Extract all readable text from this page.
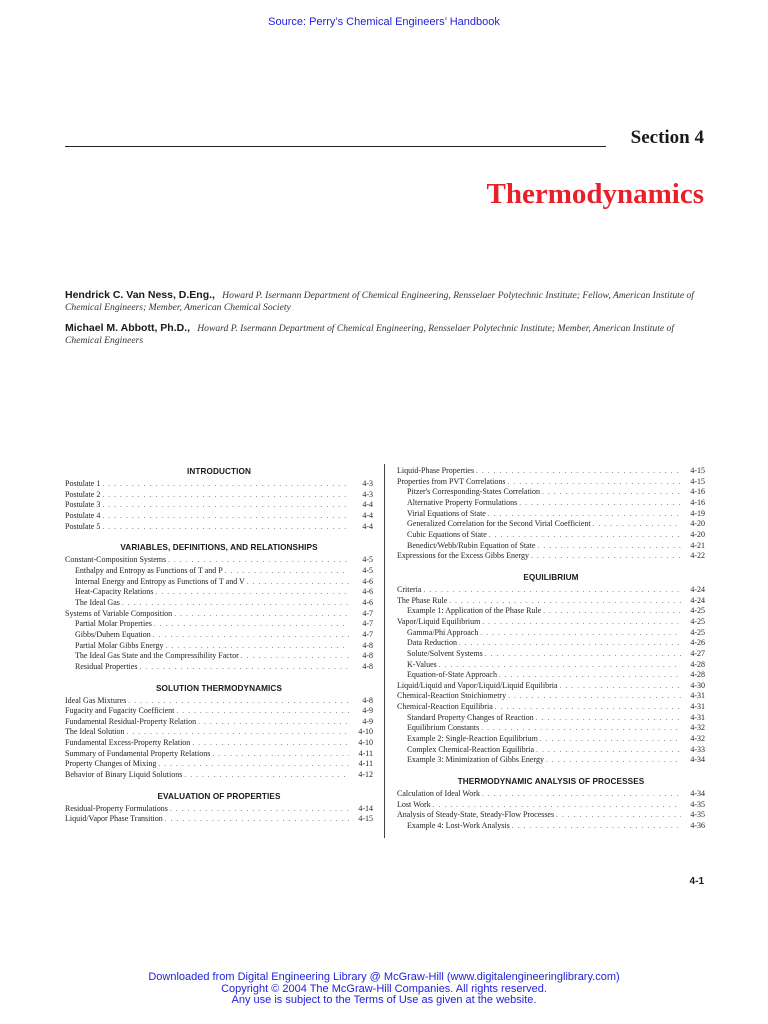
Source: Perry’s Chemical Engineers’ Handbook
Section 4
Thermodynamics
Hendrick C. Van Ness, D.Eng., Howard P. Isermann Department of Chemical Engineering, Rensselaer Polytechnic Institute; Fellow, American Institute of Chemical Engineers; Member, American Chemical Society
Michael M. Abbott, Ph.D., Howard P. Isermann Department of Chemical Engineering, Rensselaer Polytechnic Institute; Member, American Institute of Chemical Engineers
INTRODUCTION
Postulate 1 . . .	4-3
Postulate 2 . . .	4-3
Postulate 3 . . .	4-4
Postulate 4 . . .	4-4
Postulate 5 . . .	4-4
VARIABLES, DEFINITIONS, AND RELATIONSHIPS
Constant-Composition Systems . . .	4-5
Enthalpy and Entropy as Functions of T and P . . .	4-5
Internal Energy and Entropy as Functions of T and V . . .	4-6
Heat-Capacity Relations . . .	4-6
The Ideal Gas . . .	4-6
Systems of Variable Composition . . .	4-7
Partial Molar Properties . . .	4-7
Gibbs/Duhem Equation . . .	4-7
Partial Molar Gibbs Energy . . .	4-8
The Ideal Gas State and the Compressibility Factor . . .	4-8
Residual Properties . . .	4-8
SOLUTION THERMODYNAMICS
Ideal Gas Mixtures . . .	4-8
Fugacity and Fugacity Coefficient . . .	4-9
Fundamental Residual-Property Relation . . .	4-9
The Ideal Solution . . .	4-10
Fundamental Excess-Property Relation . . .	4-10
Summary of Fundamental Property Relations . . .	4-11
Property Changes of Mixing . . .	4-11
Behavior of Binary Liquid Solutions . . .	4-12
EVALUATION OF PROPERTIES
Residual-Property Formulations . . .	4-14
Liquid/Vapor Phase Transition . . .	4-15
Liquid-Phase Properties . . .	4-15
Properties from PVT Correlations . . .	4-15
Pitzer's Corresponding-States Correlation . . .	4-16
Alternative Property Formulations . . .	4-16
Virial Equations of State . . .	4-19
Generalized Correlation for the Second Virial Coefficient . . .	4-20
Cubic Equations of State . . .	4-20
Benedict/Webb/Rubin Equation of State . . .	4-21
Expressions for the Excess Gibbs Energy . . .	4-22
EQUILIBRIUM
Criteria . . .	4-24
The Phase Rule . . .	4-24
Example 1: Application of the Phase Rule . . .	4-25
Vapor/Liquid Equilibrium . . .	4-25
Gamma/Phi Approach . . .	4-25
Data Reduction . . .	4-26
Solute/Solvent Systems . . .	4-27
K-Values . . .	4-28
Equation-of-State Approach . . .	4-28
Liquid/Liquid and Vapor/Liquid/Liquid Equilibria . . .	4-30
Chemical-Reaction Stoichiometry . . .	4-31
Chemical-Reaction Equilibria . . .	4-31
Standard Property Changes of Reaction . . .	4-31
Equilibrium Constants . . .	4-32
Example 2: Single-Reaction Equilibrium . . .	4-32
Complex Chemical-Reaction Equilibria . . .	4-33
Example 3: Minimization of Gibbs Energy . . .	4-34
THERMODYNAMIC ANALYSIS OF PROCESSES
Calculation of Ideal Work . . .	4-34
Lost Work . . .	4-35
Analysis of Steady-State, Steady-Flow Processes . . .	4-35
Example 4: Lost-Work Analysis . . .	4-36
4-1
Downloaded from Digital Engineering Library @ McGraw-Hill (www.digitalengineeringlibrary.com)
Copyright © 2004 The McGraw-Hill Companies. All rights reserved.
Any use is subject to the Terms of Use as given at the website.
